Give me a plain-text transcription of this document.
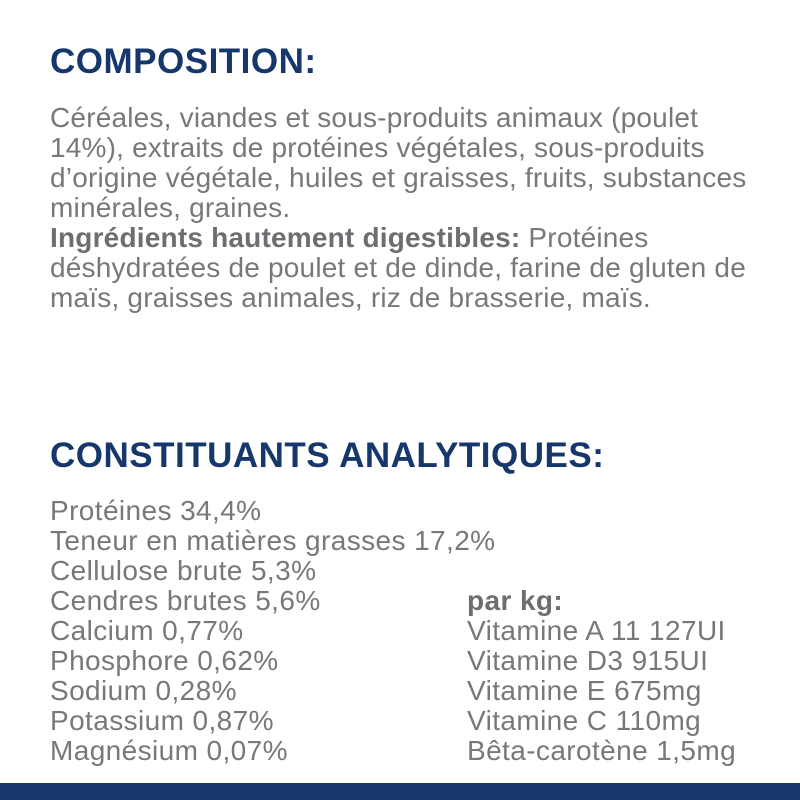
COMPOSITION:

Céréales, viandes et sous-produits animaux (poulet 14%), extraits de protéines végétales, sous-produits d’origine végétale, huiles et graisses, fruits, substances minérales, graines.

Ingrédients hautement digestibles: Protéines déshydratées de poulet et de dinde, farine de gluten de maïs, graisses animales, riz de brasserie, maïs.

CONSTITUANTS ANALYTIQUES:
Protéines 34,4%
Teneur en matières grasses 17,2%
Cellulose brute 5,3%
Cendres brutes 5,6%
Calcium 0,77%
Phosphore 0,62%
Sodium 0,28%
Potassium 0,87%
Magnésium 0,07%
par kg:
Vitamine A 11 127UI
Vitamine D3 915UI
Vitamine E 675mg
Vitamine C 110mg
Bêta-carotène 1,5mg
